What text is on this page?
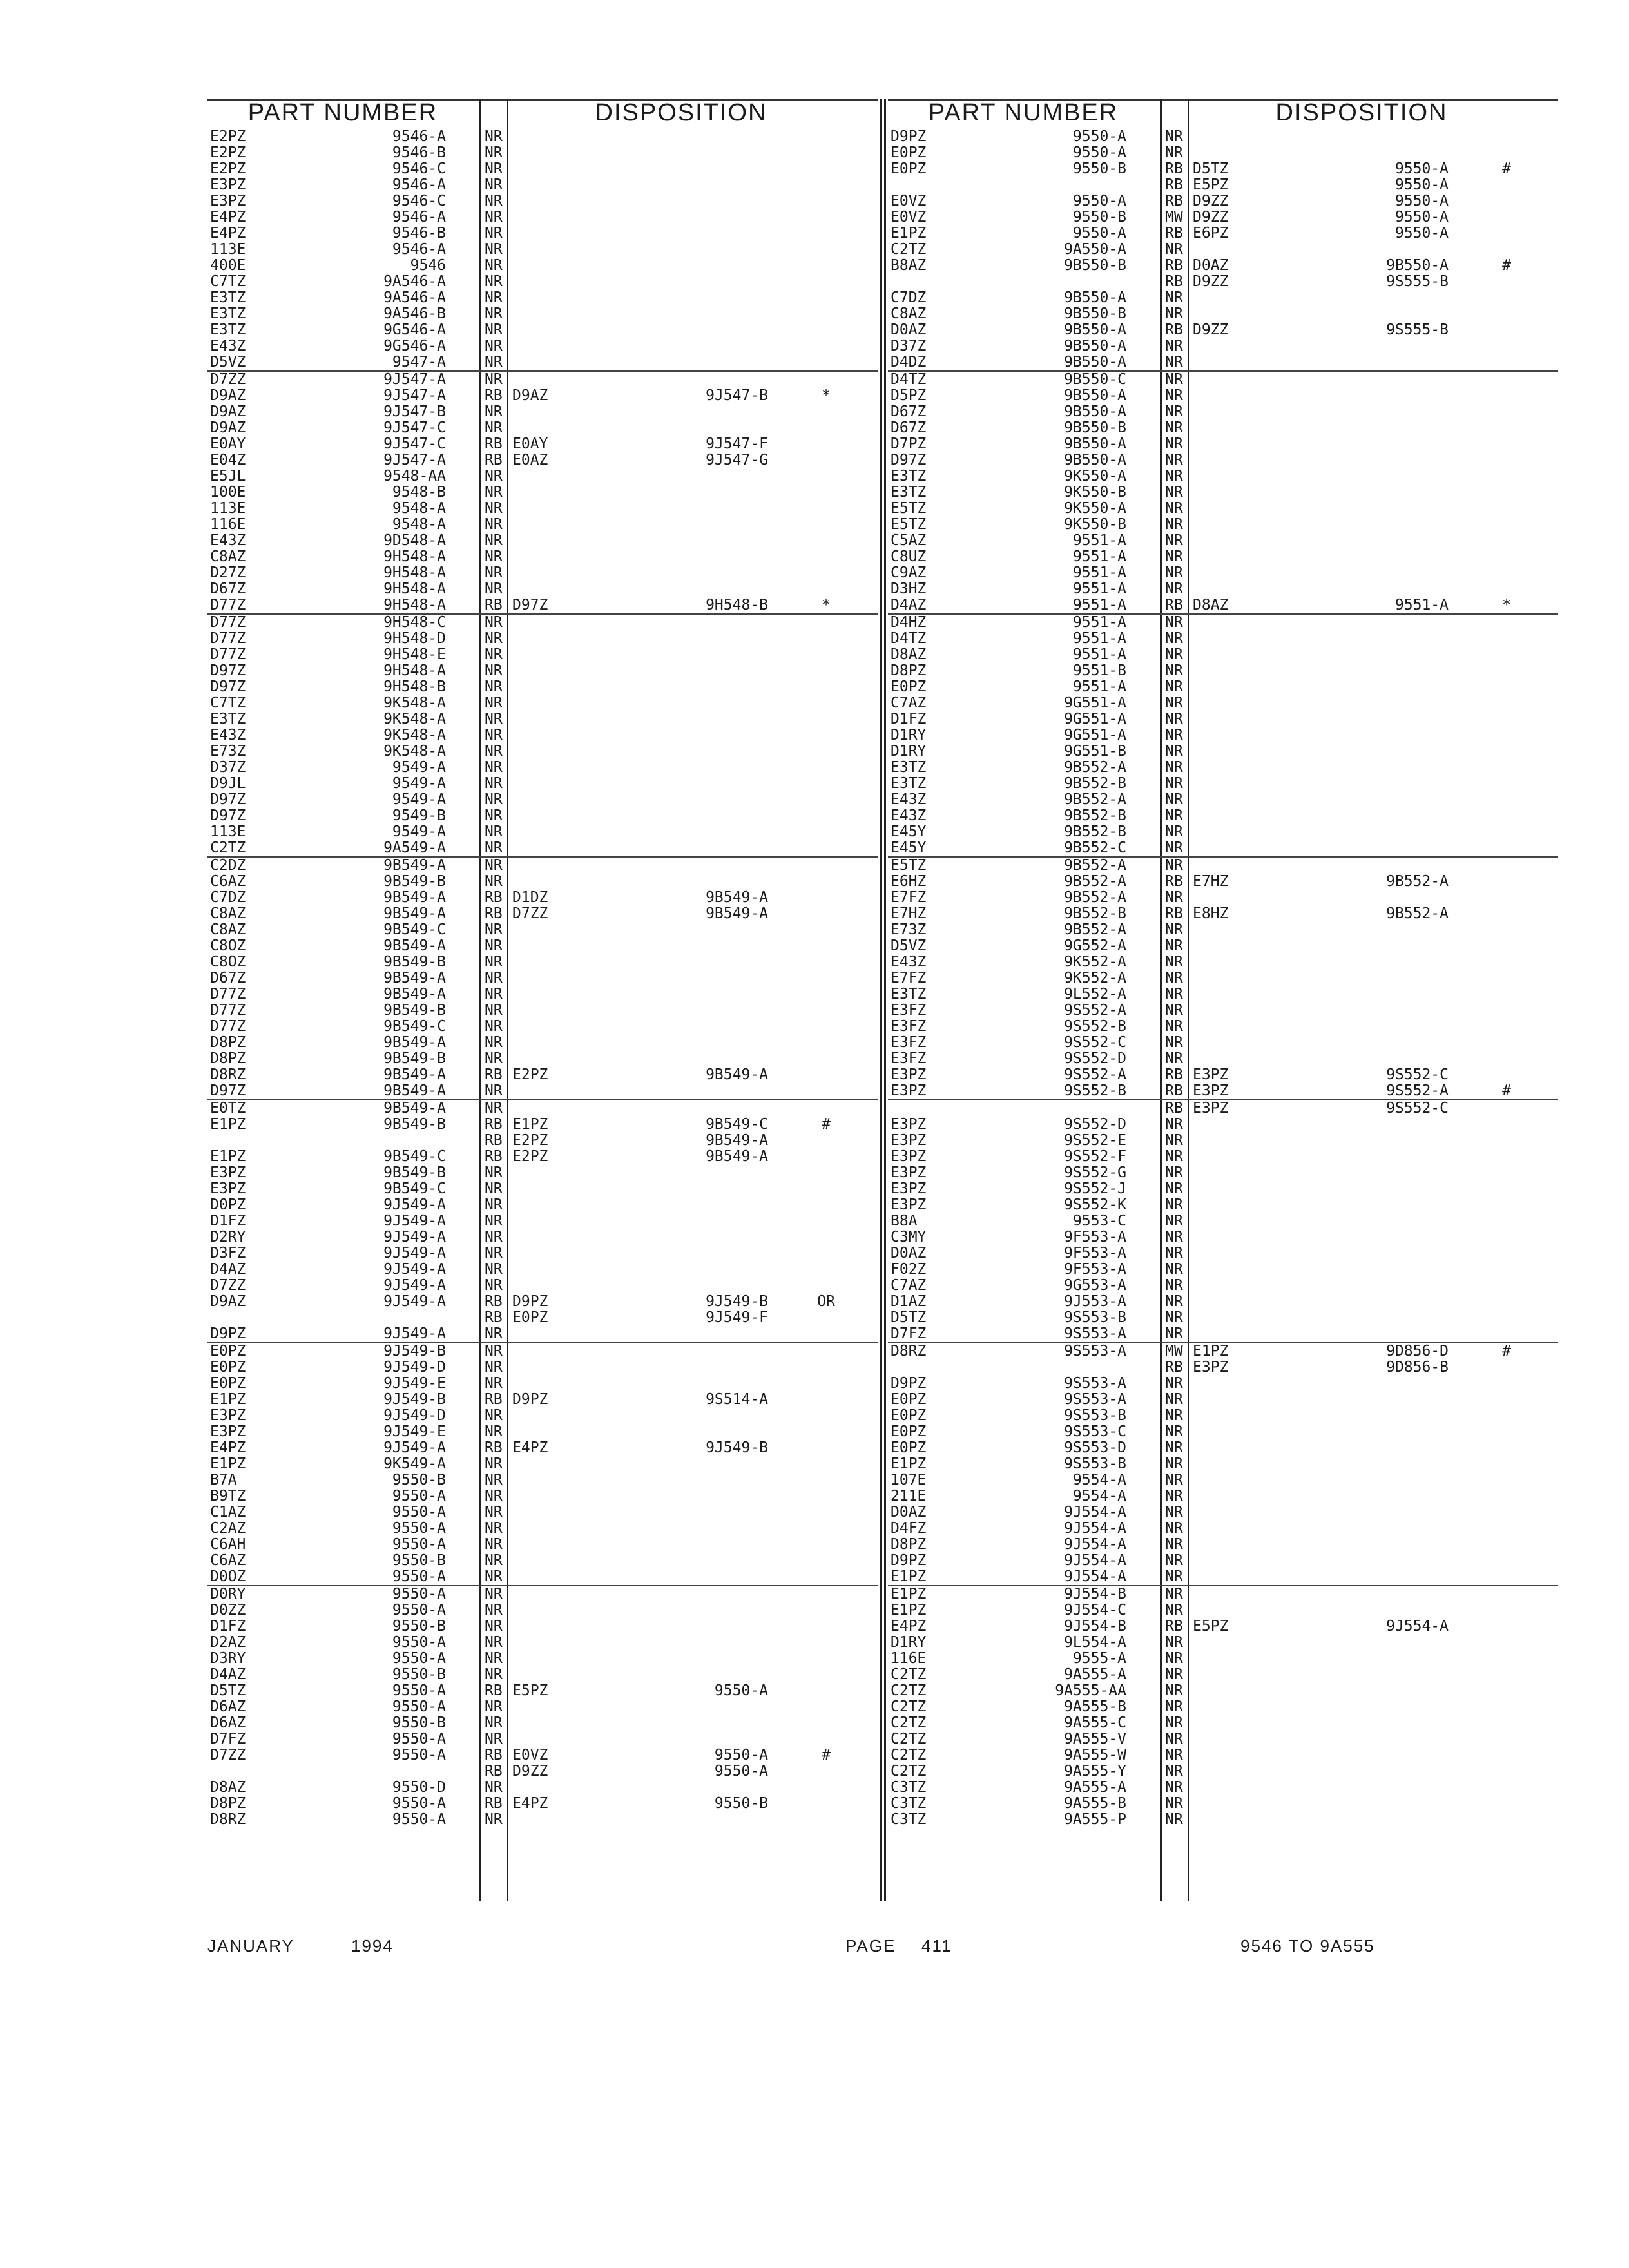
PART NUMBER	DISPOSITION
E2PZ	9546-A	NR
E2PZ	9546-B	NR
E2PZ	9546-C	NR
E3PZ	9546-A	NR
E3PZ	9546-C	NR
E4PZ	9546-A	NR
E4PZ	9546-B	NR
113E	9546-A	NR
400E	9546	NR
C7TZ	9A546-A	NR
E3TZ	9A546-A	NR
E3TZ	9A546-B	NR
E3TZ	9G546-A	NR
E43Z	9G546-A	NR
D5VZ	9547-A	NR
D7ZZ	9J547-A	NR
D9AZ	9J547-A	RB D9AZ	9J547-B	*
D9AZ	9J547-B	NR
D9AZ	9J547-C	NR
E0AY	9J547-C	RB E0AY	9J547-F
E04Z	9J547-A	RB E0AZ	9J547-G
E5JL	9548-AA	NR
100E	9548-B	NR
113E	9548-A	NR
116E	9548-A	NR
E43Z	9D548-A	NR
C8AZ	9H548-A	NR
D27Z	9H548-A	NR
D67Z	9H548-A	NR
D77Z	9H548-A	RB D97Z	9H548-B	*
D77Z	9H548-C	NR
D77Z	9H548-D	NR
D77Z	9H548-E	NR
D97Z	9H548-A	NR
D97Z	9H548-B	NR
C7TZ	9K548-A	NR
E3TZ	9K548-A	NR
E43Z	9K548-A	NR
E73Z	9K548-A	NR
D37Z	9549-A	NR
D9JL	9549-A	NR
D97Z	9549-A	NR
D97Z	9549-B	NR
113E	9549-A	NR
C2TZ	9A549-A	NR
C2DZ	9B549-A	NR
C6AZ	9B549-B	NR
C7DZ	9B549-A	RB D1DZ	9B549-A
C8AZ	9B549-A	RB D7ZZ	9B549-A
C8AZ	9B549-C	NR
C8OZ	9B549-A	NR
C8OZ	9B549-B	NR
D67Z	9B549-A	NR
D77Z	9B549-A	NR
D77Z	9B549-B	NR
D77Z	9B549-C	NR
D8PZ	9B549-A	NR
D8PZ	9B549-B	NR
D8RZ	9B549-A	RB E2PZ	9B549-A
D97Z	9B549-A	NR
E0TZ	9B549-A	NR
E1PZ	9B549-B	RB E1PZ	9B549-C	#
RB E2PZ	9B549-A
E1PZ	9B549-C	RB E2PZ	9B549-A
E3PZ	9B549-B	NR
E3PZ	9B549-C	NR
D0PZ	9J549-A	NR
D1FZ	9J549-A	NR
D2RY	9J549-A	NR
D3FZ	9J549-A	NR
D4AZ	9J549-A	NR
D7ZZ	9J549-A	NR
D9AZ	9J549-A	RB D9PZ	9J549-B	OR
RB E0PZ	9J549-F
D9PZ	9J549-A	NR
E0PZ	9J549-B	NR
E0PZ	9J549-D	NR
E0PZ	9J549-E	NR
E1PZ	9J549-B	RB D9PZ	9S514-A
E3PZ	9J549-D	NR
E3PZ	9J549-E	NR
E4PZ	9J549-A	RB E4PZ	9J549-B
E1PZ	9K549-A	NR
B7A	9550-B	NR
B9TZ	9550-A	NR
C1AZ	9550-A	NR
C2AZ	9550-A	NR
C6AH	9550-A	NR
C6AZ	9550-B	NR
D0OZ	9550-A	NR
D0RY	9550-A	NR
D0ZZ	9550-A	NR
D1FZ	9550-B	NR
D2AZ	9550-A	NR
D3RY	9550-A	NR
D4AZ	9550-B	NR
D5TZ	9550-A	RB E5PZ	9550-A
D6AZ	9550-A	NR
D6AZ	9550-B	NR
D7FZ	9550-A	NR
D7ZZ	9550-A	RB E0VZ	9550-A	#
RB D9ZZ	9550-A
D8AZ	9550-D	NR
D8PZ	9550-A	RB E4PZ	9550-B
D8RZ	9550-A	NR
PART NUMBER	DISPOSITION
D9PZ	9550-A	NR
E0PZ	9550-A	NR
E0PZ	9550-B	RB D5TZ	9550-A	#
RB E5PZ	9550-A
E0VZ	9550-A	RB D9ZZ	9550-A
E0VZ	9550-B	MW D9ZZ	9550-A
E1PZ	9550-A	RB E6PZ	9550-A
C2TZ	9A550-A	NR
B8AZ	9B550-B	RB D0AZ	9B550-A	#
RB D9ZZ	9S555-B
C7DZ	9B550-A	NR
C8AZ	9B550-B	NR
D0AZ	9B550-A	RB D9ZZ	9S555-B
D37Z	9B550-A	NR
D4DZ	9B550-A	NR
D4TZ	9B550-C	NR
D5PZ	9B550-A	NR
D67Z	9B550-A	NR
D67Z	9B550-B	NR
D7PZ	9B550-A	NR
D97Z	9B550-A	NR
E3TZ	9K550-A	NR
E3TZ	9K550-B	NR
E5TZ	9K550-A	NR
E5TZ	9K550-B	NR
C5AZ	9551-A	NR
C8UZ	9551-A	NR
C9AZ	9551-A	NR
D3HZ	9551-A	NR
D4AZ	9551-A	RB D8AZ	9551-A	*
D4HZ	9551-A	NR
D4TZ	9551-A	NR
D8AZ	9551-A	NR
D8PZ	9551-B	NR
E0PZ	9551-A	NR
C7AZ	9G551-A	NR
D1FZ	9G551-A	NR
D1RY	9G551-A	NR
D1RY	9G551-B	NR
E3TZ	9B552-A	NR
E3TZ	9B552-B	NR
E43Z	9B552-A	NR
E43Z	9B552-B	NR
E45Y	9B552-B	NR
E45Y	9B552-C	NR
E5TZ	9B552-A	NR
E6HZ	9B552-A	RB E7HZ	9B552-A
E7FZ	9B552-A	NR
E7HZ	9B552-B	RB E8HZ	9B552-A
E73Z	9B552-A	NR
D5VZ	9G552-A	NR
E43Z	9K552-A	NR
E7FZ	9K552-A	NR
E3TZ	9L552-A	NR
E3FZ	9S552-A	NR
E3FZ	9S552-B	NR
E3FZ	9S552-C	NR
E3FZ	9S552-D	NR
E3PZ	9S552-A	RB E3PZ	9S552-C
E3PZ	9S552-B	RB E3PZ	9S552-A	#
RB E3PZ	9S552-C
E3PZ	9S552-D	NR
E3PZ	9S552-E	NR
E3PZ	9S552-F	NR
E3PZ	9S552-G	NR
E3PZ	9S552-J	NR
E3PZ	9S552-K	NR
B8A	9553-C	NR
C3MY	9F553-A	NR
D0AZ	9F553-A	NR
F02Z	9F553-A	NR
C7AZ	9G553-A	NR
D1AZ	9J553-A	NR
D5TZ	9S553-B	NR
D7FZ	9S553-A	NR
D8RZ	9S553-A	MW E1PZ	9D856-D	#
RB E3PZ	9D856-B
D9PZ	9S553-A	NR
E0PZ	9S553-A	NR
E0PZ	9S553-B	NR
E0PZ	9S553-C	NR
E0PZ	9S553-D	NR
E1PZ	9S553-B	NR
107E	9554-A	NR
211E	9554-A	NR
D0AZ	9J554-A	NR
D4FZ	9J554-A	NR
D8PZ	9J554-A	NR
D9PZ	9J554-A	NR
E1PZ	9J554-A	NR
E1PZ	9J554-B	NR
E1PZ	9J554-C	NR
E4PZ	9J554-B	RB E5PZ	9J554-A
D1RY	9L554-A	NR
116E	9555-A	NR
C2TZ	9A555-A	NR
C2TZ	9A555-AA	NR
C2TZ	9A555-B	NR
C2TZ	9A555-C	NR
C2TZ	9A555-V	NR
C2TZ	9A555-W	NR
C2TZ	9A555-Y	NR
C3TZ	9A555-A	NR
C3TZ	9A555-B	NR
C3TZ	9A555-P	NR
JANUARY	1994	PAGE 411	9546 TO 9A555
